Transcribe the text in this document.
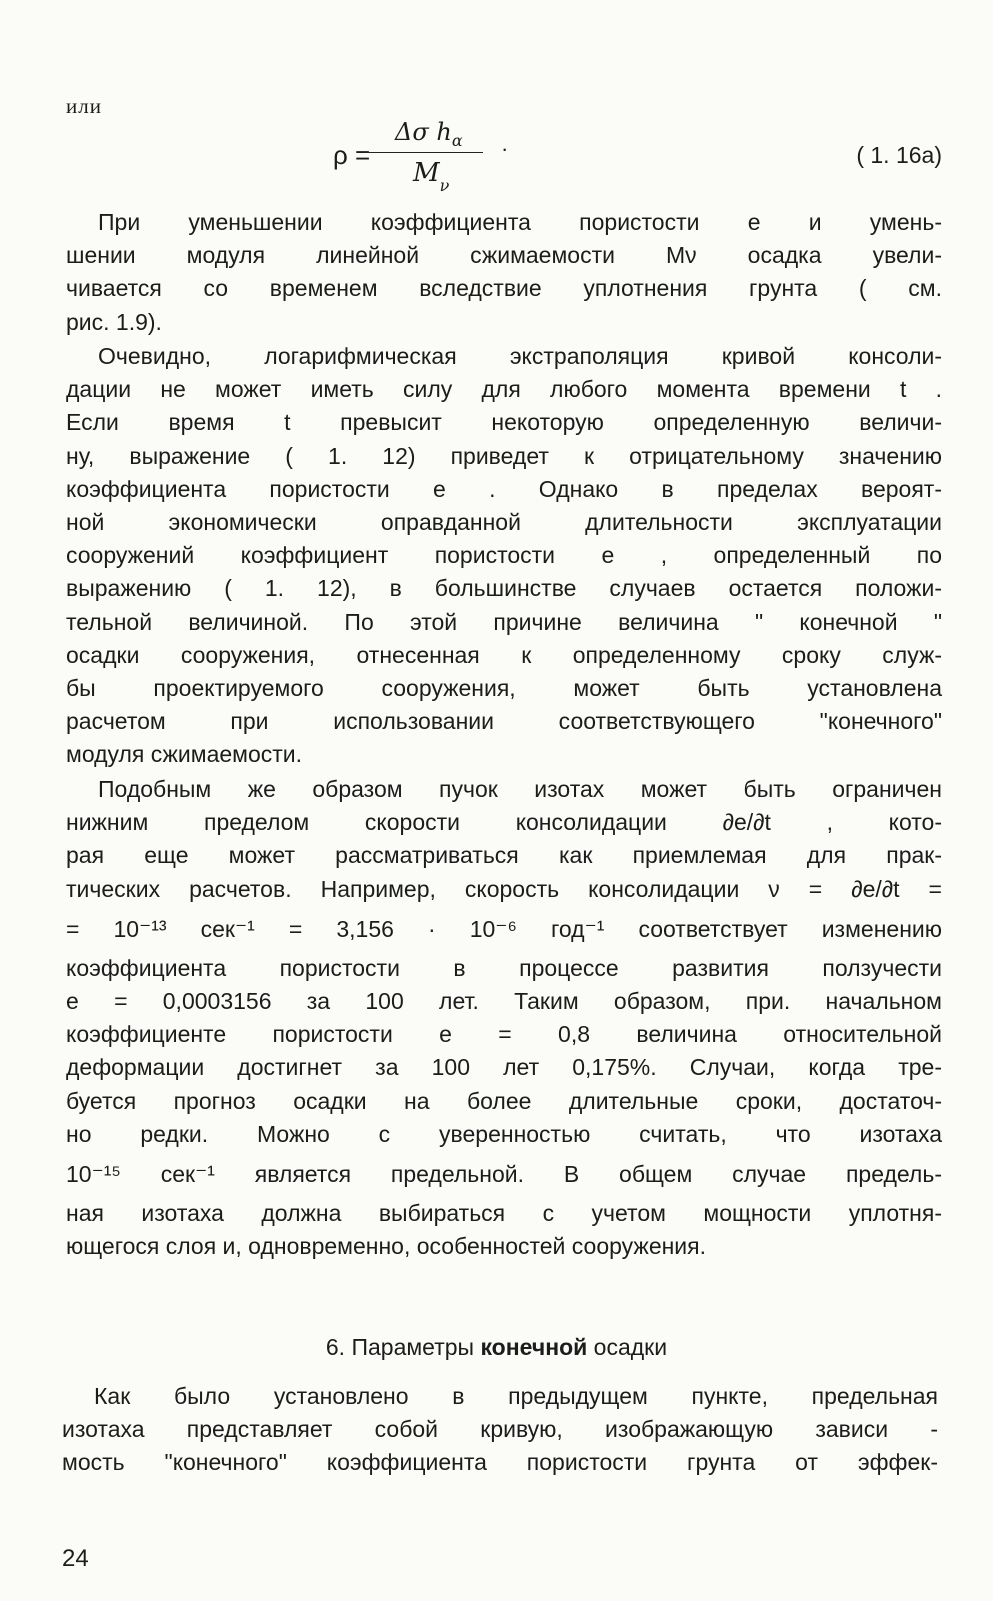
или
ρ =
Δσ $h_\alpha$
$M_\nu$
·	( 1. 16а)
При уменьшении коэффициента пористости e и умень-
шении модуля линейной сжимаемости Mν осадка увели-
чивается со временем вследствие уплотнения грунта ( см.
рис. 1.9).
Очевидно, логарифмическая экстраполяция кривой консоли-
дации не может иметь силу для любого момента времени t .
Если время t превысит некоторую определенную величи-
ну, выражение ( 1. 12) приведет к отрицательному значению
коэффициента пористости e . Однако в пределах вероят-
ной экономически оправданной длительности эксплуатации
сооружений коэффициент пористости e , определенный по
выражению ( 1. 12), в большинстве случаев остается положи-
тельной величиной. По этой причине величина " конечной "
осадки сооружения, отнесенная к определенному сроку служ-
бы проектируемого сооружения, может быть установлена
расчетом при использовании соответствующего "конечного"
модуля сжимаемости.
Подобным же образом пучок изотах может быть ограничен
нижним пределом скорости консолидации ∂e/∂t , кото-
рая еще может рассматриваться как приемлемая для прак-
тических расчетов. Например, скорость консолидации ν = ∂e/∂t =
= 10⁻¹³ сек⁻¹ = 3,156 · 10⁻⁶ год⁻¹ соответствует изменению
коэффициента пористости в процессе развития ползучести
e = 0,0003156 за 100 лет. Таким образом, при. начальном
коэффициенте пористости e = 0,8 величина относительной
деформации достигнет за 100 лет 0,175%. Случаи, когда тре-
буется прогноз осадки на более длительные сроки, достаточ-
но редки. Можно с уверенностью считать, что изотаха
10⁻¹⁵ сек⁻¹ является предельной. В общем случае предель-
ная изотаха должна выбираться с учетом мощности уплотня-
ющегося слоя и, одновременно, особенностей сооружения.
6. Параметры конечной осадки
Как было установлено в предыдущем пункте, предельная
изотаха представляет собой кривую, изображающую зависи -
мость "конечного" коэффициента пористости грунта от эффек-
24
